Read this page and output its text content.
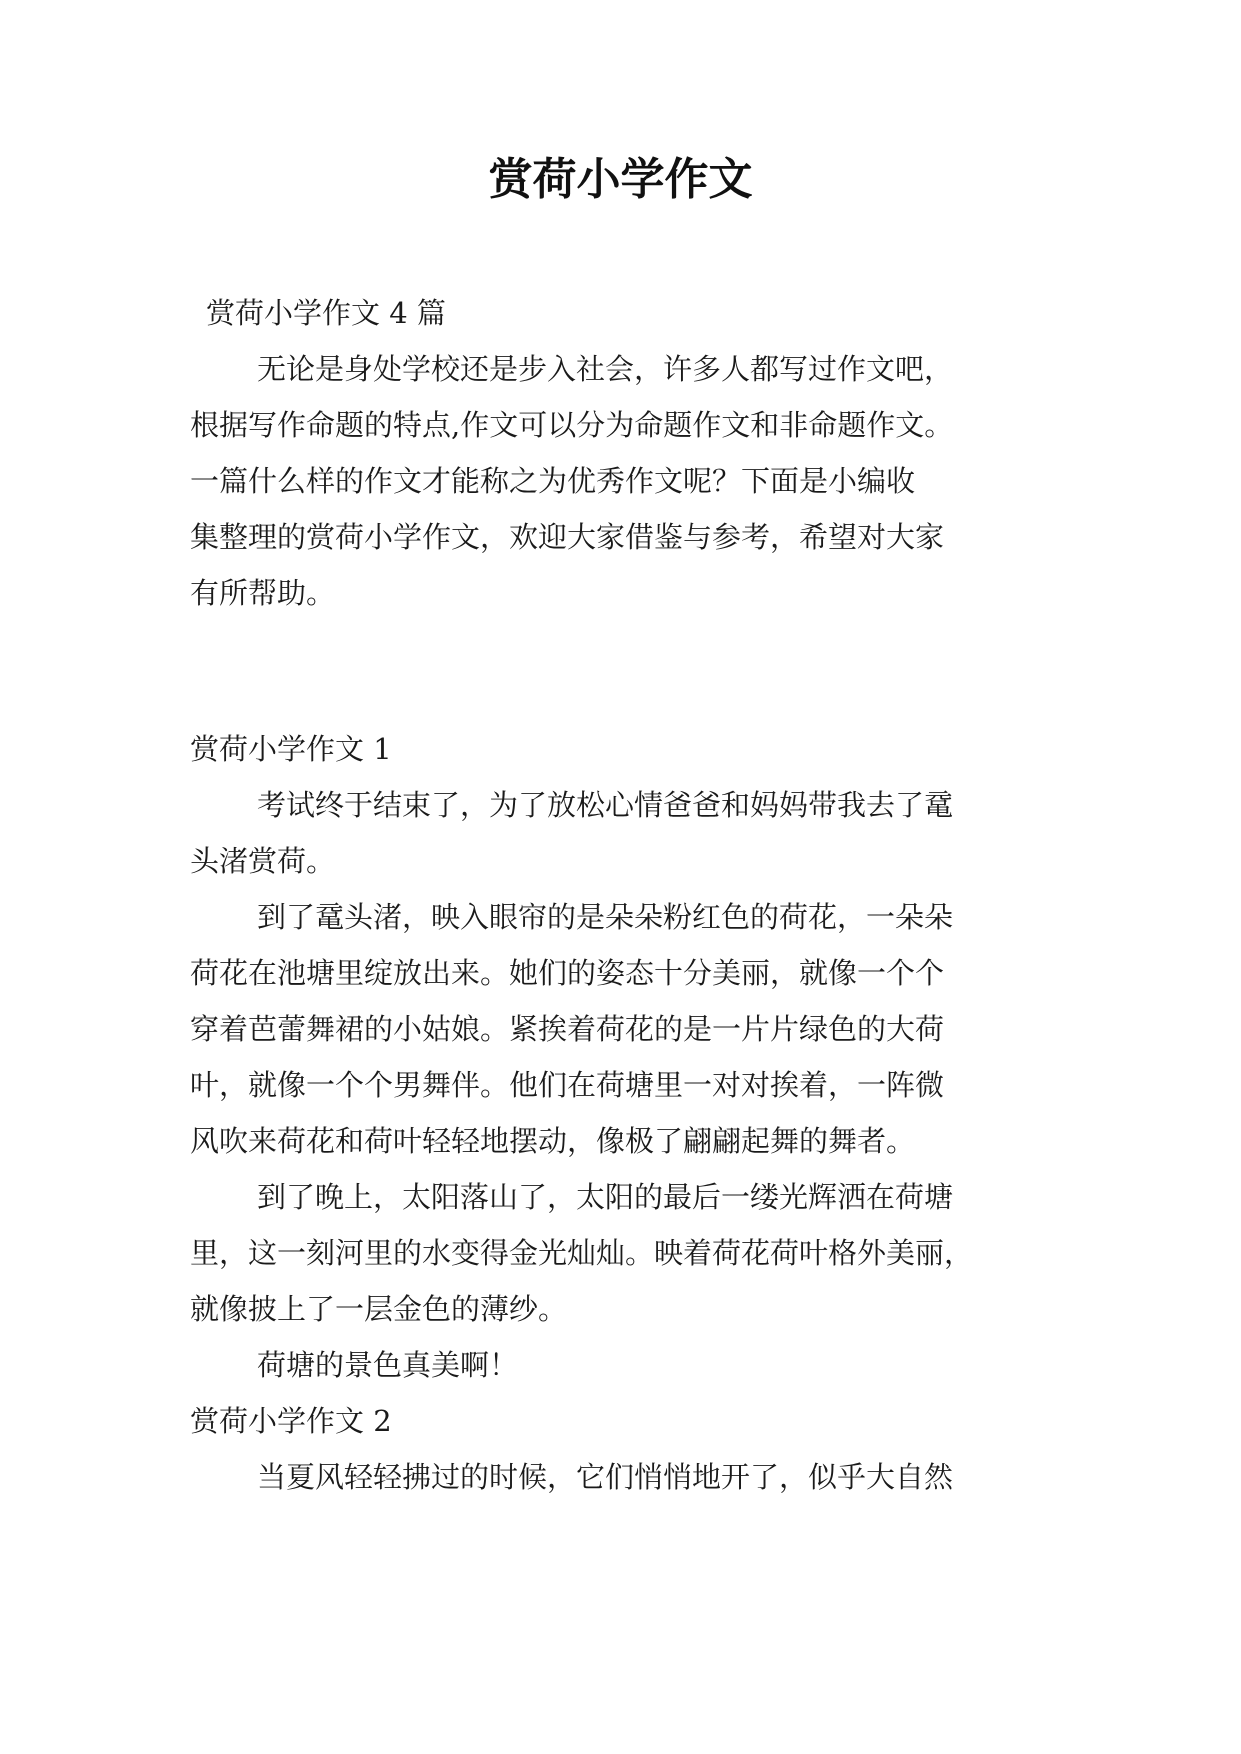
赏荷小学作文
赏荷小学作文 4 篇
无论是身处学校还是步入社会，许多人都写过作文吧，
根据写作命题的特点,作文可以分为命题作文和非命题作文。
一篇什么样的作文才能称之为优秀作文呢？下面是小编收
集整理的赏荷小学作文，欢迎大家借鉴与参考，希望对大家
有所帮助。
赏荷小学作文 1
考试终于结束了，为了放松心情爸爸和妈妈带我去了鼋
头渚赏荷。
到了鼋头渚，映入眼帘的是朵朵粉红色的荷花，一朵朵
荷花在池塘里绽放出来。她们的姿态十分美丽，就像一个个
穿着芭蕾舞裙的小姑娘。紧挨着荷花的是一片片绿色的大荷
叶，就像一个个男舞伴。他们在荷塘里一对对挨着，一阵微
风吹来荷花和荷叶轻轻地摆动，像极了翩翩起舞的舞者。
到了晚上，太阳落山了，太阳的最后一缕光辉洒在荷塘
里，这一刻河里的水变得金光灿灿。映着荷花荷叶格外美丽，
就像披上了一层金色的薄纱。
荷塘的景色真美啊！
赏荷小学作文 2
当夏风轻轻拂过的时候，它们悄悄地开了，似乎大自然
